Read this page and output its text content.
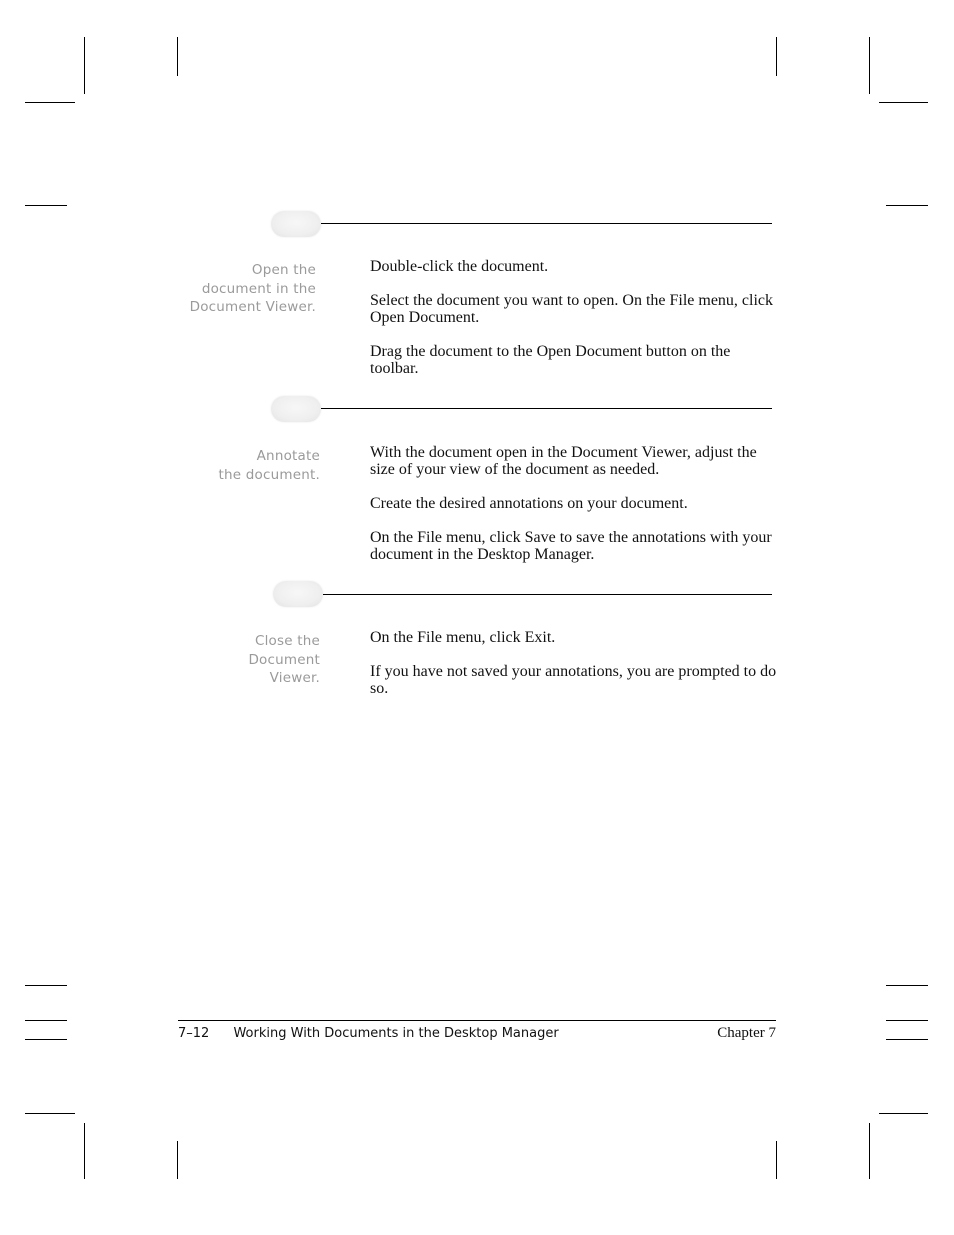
Open the
document in the
Document Viewer.

Double-click the document.

Select the document you want to open. On the File menu, click Open Document.

Drag the document to the Open Document button on the toolbar.

Annotate
the document.

With the document open in the Document Viewer, adjust the size of your view of the document as needed.

Create the desired annotations on your document.

On the File menu, click Save to save the annotations with your document in the Desktop Manager.

Close the
Document
Viewer.

On the File menu, click Exit.

If you have not saved your annotations, you are prompted to do so.

7–12 Working With Documents in the Desktop Manager	Chapter 7
